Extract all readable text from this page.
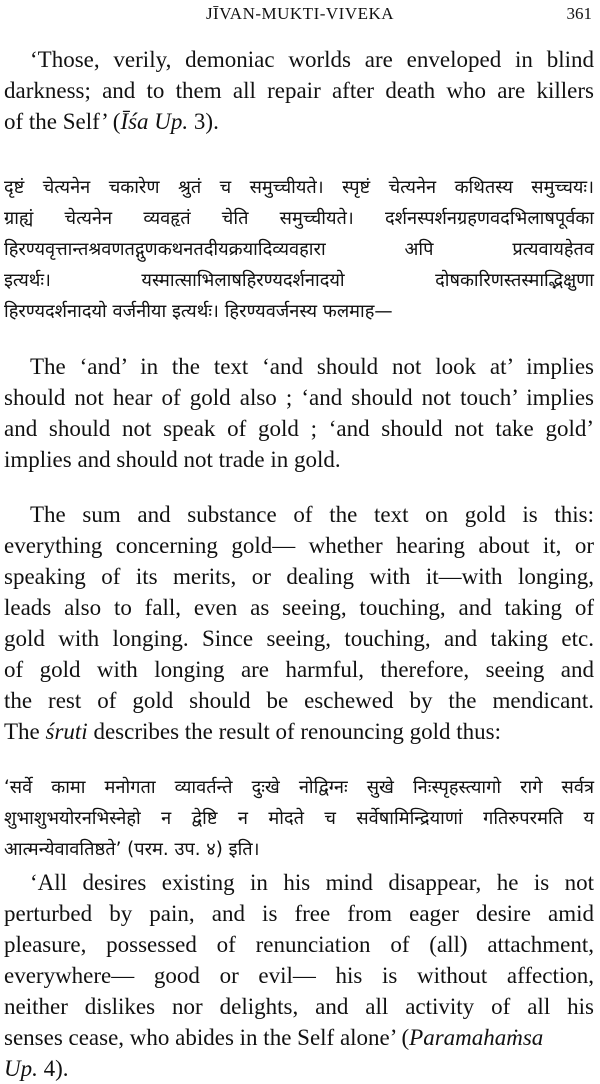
JĪVAN-MUKTI-VIVEKA	361
‘Those, verily, demoniac worlds are enveloped in blind
darkness; and to them all repair after death who are killers
of the Self’ (Īśa Up. 3).
दृष्टं चेत्यनेन चकारेण श्रुतं च समुच्चीयते। स्पृष्टं चेत्यनेन कथितस्य समुच्चयः।
ग्राह्यं चेत्यनेन व्यवहृतं चेति समुच्चीयते। दर्शनस्पर्शनग्रहणवदभिलाषपूर्वका
हिरण्यवृत्तान्तश्रवणतद्गुणकथनतदीयक्रयादिव्यवहारा अपि प्रत्यवायहेतव
इत्यर्थः। यस्मात्साभिलाषहिरण्यदर्शनादयो दोषकारिणस्तस्माद्भिक्षुणा
हिरण्यदर्शनादयो वर्जनीया इत्यर्थः। हिरण्यवर्जनस्य फलमाह—
The ‘and’ in the text ‘and should not look at’ implies
should not hear of gold also ; ‘and should not touch’ implies
and should not speak of gold ; ‘and should not take gold’
implies and should not trade in gold.
The sum and substance of the text on gold is this:
everything concerning gold— whether hearing about it, or
speaking of its merits, or dealing with it—with longing,
leads also to fall, even as seeing, touching, and taking of
gold with longing. Since seeing, touching, and taking etc.
of gold with longing are harmful, therefore, seeing and
the rest of gold should be eschewed by the mendicant.
The śruti describes the result of renouncing gold thus:
‘सर्वे कामा मनोगता व्यावर्तन्ते दुःखे नोद्विग्नः सुखे निःस्पृहस्त्यागो रागे सर्वत्र
शुभाशुभयोरनभिस्नेहो न द्वेष्टि न मोदते च सर्वेषामिन्द्रियाणां गतिरुपरमति य
आत्मन्येवावतिष्ठते’ (परम. उप. ४) इति।
‘All desires existing in his mind disappear, he is not
perturbed by pain, and is free from eager desire amid
pleasure, possessed of renunciation of (all) attachment,
everywhere— good or evil— his is without affection,
neither dislikes nor delights, and all activity of all his
senses cease, who abides in the Self alone’ (Paramahaṁsa
Up. 4).
